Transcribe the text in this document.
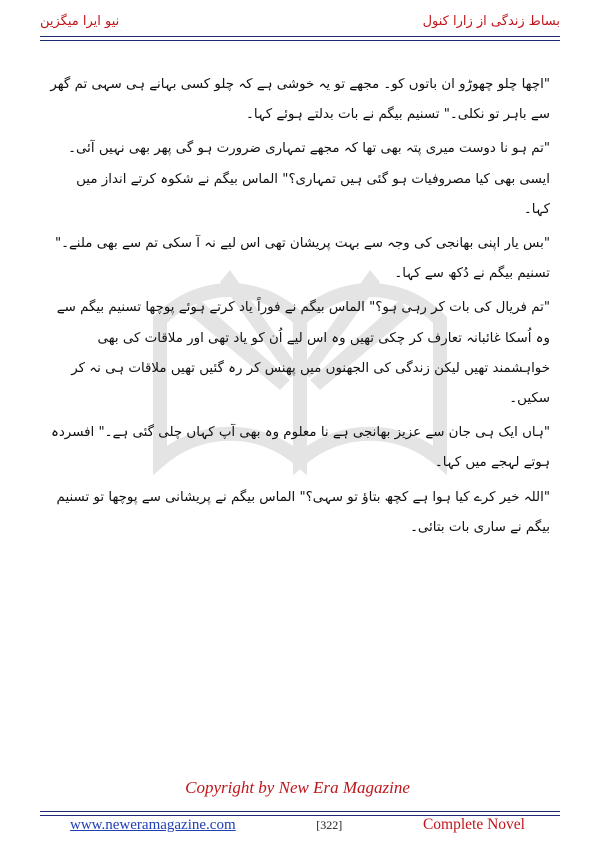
بساط زندگی از زارا کنول
نیو ایرا میگزین

"اچھا چلو چھوڑو ان باتوں کو۔ مجھے تو یہ خوشی ہے کہ چلو کسی بہانے ہی سہی تم گھر سے باہر تو نکلی۔" تسنیم بیگم نے بات بدلتے ہوئے کہا۔

"تم ہو نا دوست میری پتہ بھی تھا کہ مجھے تمہاری ضرورت ہو گی پھر بھی نہیں آئی۔ایسی بھی کیا مصروفیات ہو گئی ہیں تمہاری؟" الماس بیگم نے شکوہ کرتے انداز میں کہا۔

"بس یار اپنی بھانجی کی وجہ سے بہت پریشان تھی اس لیے نہ آ سکی تم سے بھی ملنے۔" تسنیم بیگم نے دُکھ سے کہا۔

"تم فریال کی بات کر رہی ہو؟" الماس بیگم نے فوراً یاد کرتے ہوئے پوچھا تسنیم بیگم سے وہ اُسکا غائبانہ تعارف کر چکی تھیں وہ اس لیے اُن کو یاد تھی اور ملاقات کی بھی خواہشمند تھیں لیکن زندگی کی الجھنوں میں پھنس کر رہ گئیں تھیں ملاقات ہی نہ کر سکیں۔

"ہاں ایک ہی جان سے عزیز بھانجی ہے نا معلوم وہ بھی آپ کہاں چلی گئی ہے۔" افسردہ ہوتے لہجے میں کہا۔

"اللہ خیر کرے کیا ہوا ہے کچھ بتاؤ تو سہی؟" الماس بیگم نے پریشانی سے پوچھا تو تسنیم بیگم نے ساری بات بتائی۔

Copyright by New Era Magazine
www.neweramagazine.com	[322]	Complete Novel
